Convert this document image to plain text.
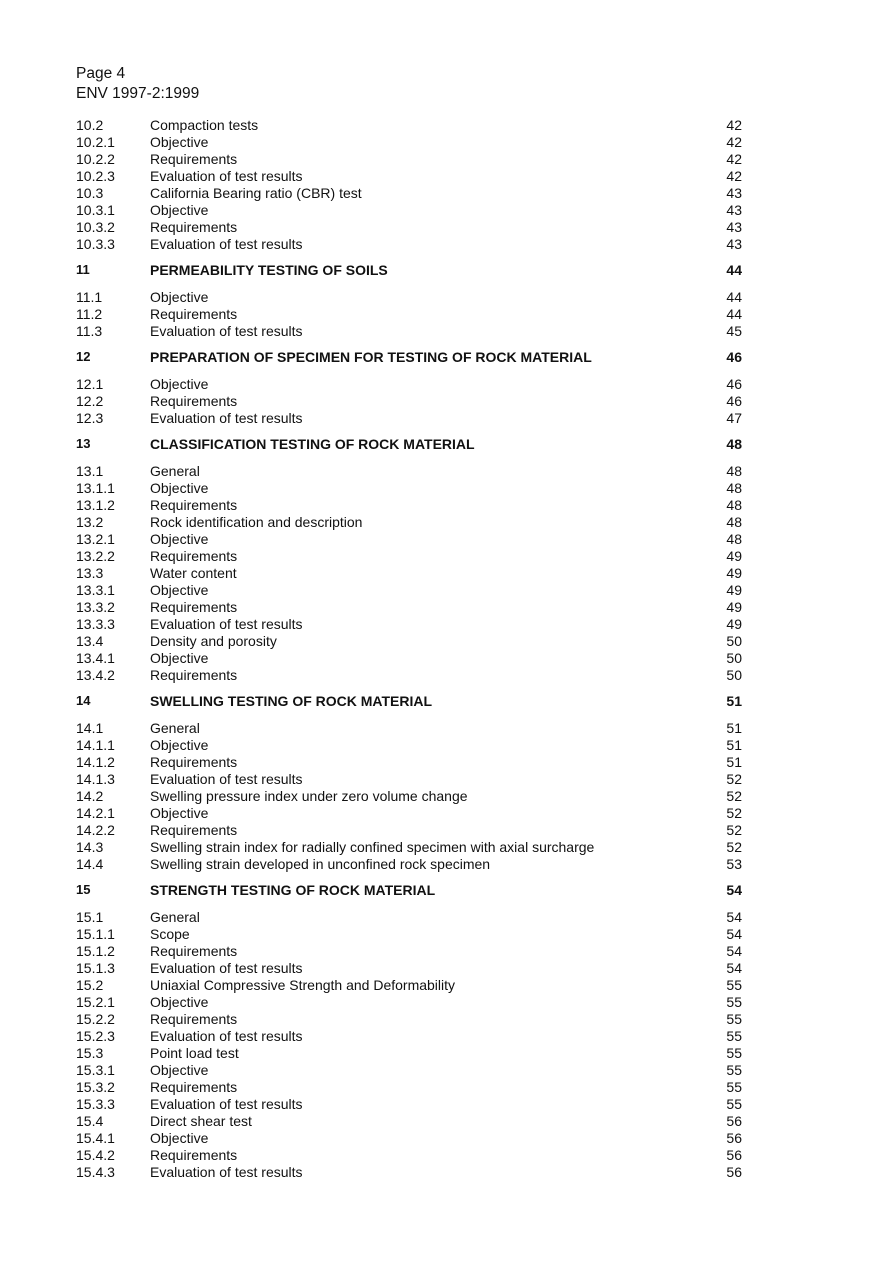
Page 4
ENV 1997-2:1999
10.2	Compaction tests	42
10.2.1	Objective	42
10.2.2	Requirements	42
10.2.3	Evaluation of test results	42
10.3	California Bearing ratio (CBR) test	43
10.3.1	Objective	43
10.3.2	Requirements	43
10.3.3	Evaluation of test results	43
11	PERMEABILITY TESTING OF SOILS	44
11.1	Objective	44
11.2	Requirements	44
11.3	Evaluation of test results	45
12	PREPARATION OF SPECIMEN FOR TESTING OF ROCK MATERIAL	46
12.1	Objective	46
12.2	Requirements	46
12.3	Evaluation of test results	47
13	CLASSIFICATION TESTING OF ROCK MATERIAL	48
13.1	General	48
13.1.1	Objective	48
13.1.2	Requirements	48
13.2	Rock identification and description	48
13.2.1	Objective	48
13.2.2	Requirements	49
13.3	Water content	49
13.3.1	Objective	49
13.3.2	Requirements	49
13.3.3	Evaluation of test results	49
13.4	Density and porosity	50
13.4.1	Objective	50
13.4.2	Requirements	50
14	SWELLING TESTING OF ROCK MATERIAL	51
14.1	General	51
14.1.1	Objective	51
14.1.2	Requirements	51
14.1.3	Evaluation of test results	52
14.2	Swelling pressure index under zero volume change	52
14.2.1	Objective	52
14.2.2	Requirements	52
14.3	Swelling strain index for radially confined specimen with axial surcharge	52
14.4	Swelling strain developed in unconfined rock specimen	53
15	STRENGTH TESTING OF ROCK MATERIAL	54
15.1	General	54
15.1.1	Scope	54
15.1.2	Requirements	54
15.1.3	Evaluation of test results	54
15.2	Uniaxial Compressive Strength and Deformability	55
15.2.1	Objective	55
15.2.2	Requirements	55
15.2.3	Evaluation of test results	55
15.3	Point load test	55
15.3.1	Objective	55
15.3.2	Requirements	55
15.3.3	Evaluation of test results	55
15.4	Direct shear test	56
15.4.1	Objective	56
15.4.2	Requirements	56
15.4.3	Evaluation of test results	56
